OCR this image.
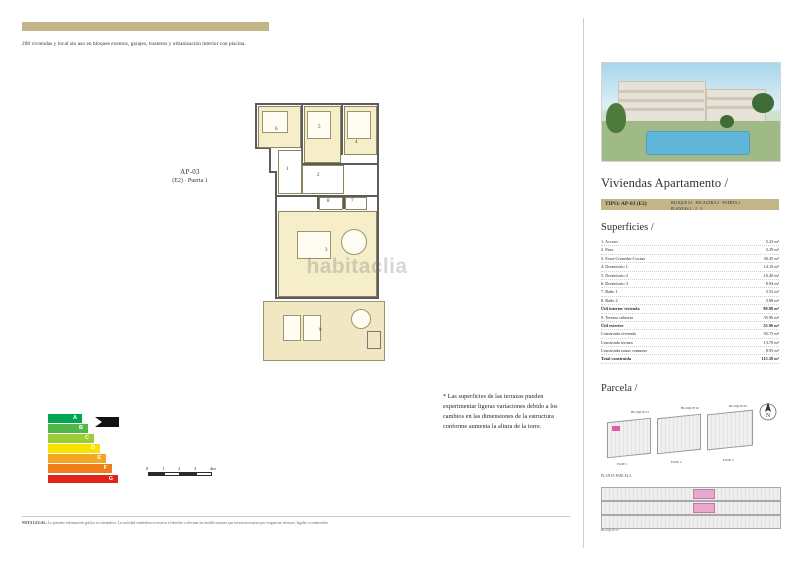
208 viviendas y local sin uso en bloques exentos, garajes, trasteros y urbanización interior con piscina.
AP-03
(E2) · Puerta 1
1
2
3
4
5
6
7
8
9
habitaclia
* Las superficies de las terrazas pueden experimentar ligeras variaciones debido a los cambios en las dimensiones de la estructura conforme aumenta la altura de la torre.
A
B
C
D
E
F
G
0	1	2	3	4m
NOTA LEGAL: La presente información gráfica es orientativa. La sociedad vendedora se reserva el derecho a efectuar las modificaciones que fueran necesarias por exigencias técnicas, legales o comerciales.
Viviendas Apartamento /
TIPO: AP-03 (E2)	BLOQUE 01 · ESCALERA 2 · PUERTA 1
PLANTAS 1 · 2 · 3
Superficies /
1. Acceso	5.23 m²
2. Paso	3.29 m²
3. Estar-Comedor-Cocina	30.45 m²
4. Dormitorio 1	14.10 m²
5. Dormitorio 2	10.40 m²
6. Dormitorio 3	8.94 m²
7. Baño 1	3.52 m²
8. Baño 2	3.88 m²
Útil interior vivienda	80.98 m²
9. Terraza cubierta	35.96 m²
Útil exterior	35.96 m²
Construida vivienda	92.73 m²
Construida terraza	13.70 m²
Construida zonas comunes	8.95 m²
Total construida	115.38 m²
Parcela /
BLOQUE 01
BLOQUE 02	BLOQUE 03
FASE 1	FASE 2	FASE 3
N
PLANTA PARCELA
BLOQUE 01
